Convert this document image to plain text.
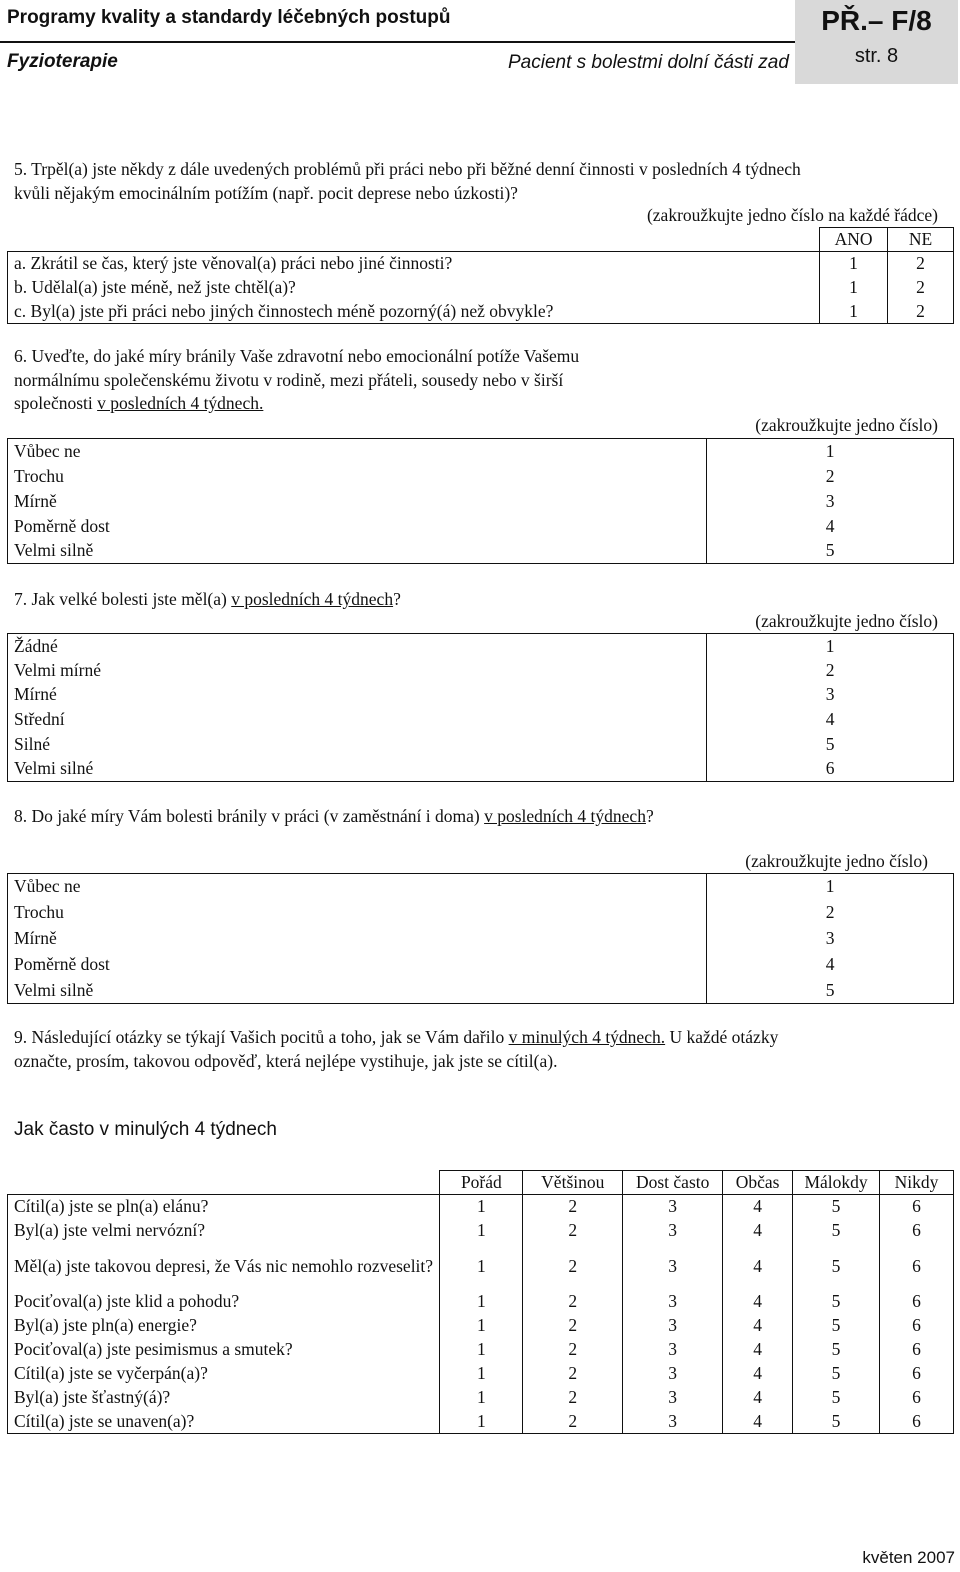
Programy kvality a standardy léčebných postupů
Fyzioterapie	Pacient s bolestmi dolní části zad
PŘ.– F/8
str. 8
5. Trpěl(a) jste někdy z dále uvedených problémů při práci nebo při běžné denní činnosti v posledních 4 týdnech
kvůli nějakým emocinálním potížím (např. pocit deprese nebo úzkosti)?
(zakroužkujte jedno číslo na každé řádce)
	ANO	NE
a. Zkrátil se čas, který jste věnoval(a) práci nebo jiné činnosti?	1	2
b. Udělal(a) jste méně, než jste chtěl(a)?	1	2
c. Byl(a) jste při práci nebo jiných činnostech méně pozorný(á) než obvykle?	1	2
6. Uveďte, do jaké míry bránily Vaše zdravotní nebo emocionální potíže Vašemu
normálnímu společenskému životu v rodině, mezi přáteli, sousedy nebo v širší
společnosti v posledních 4 týdnech.
(zakroužkujte jedno číslo)
Vůbec ne	1
Trochu	2
Mírně	3
Poměrně dost	4
Velmi silně	5
7. Jak velké bolesti jste měl(a) v posledních 4 týdnech?
(zakroužkujte jedno číslo)
Žádné	1
Velmi mírné	2
Mírné	3
Střední	4
Silné	5
Velmi silné	6
8. Do jaké míry Vám bolesti bránily v práci (v zaměstnání i doma) v posledních 4 týdnech?
(zakroužkujte jedno číslo)
Vůbec ne	1
Trochu	2
Mírně	3
Poměrně dost	4
Velmi silně	5
9. Následující otázky se týkají Vašich pocitů a toho, jak se Vám dařilo v minulých 4 týdnech. U každé otázky
označte, prosím, takovou odpověď, která nejlépe vystihuje, jak jste se cítil(a).
Jak často v minulých 4 týdnech
	Pořád	Většinou	Dost často	Občas	Málokdy	Nikdy
Cítil(a) jste se pln(a) elánu?	1	2	3	4	5	6
Byl(a) jste velmi nervózní?	1	2	3	4	5	6
Měl(a) jste takovou depresi, že Vás nic nemohlo rozveselit?	1	2	3	4	5	6
Pociťoval(a) jste klid a pohodu?	1	2	3	4	5	6
Byl(a) jste pln(a) energie?	1	2	3	4	5	6
Pociťoval(a) jste pesimismus a smutek?	1	2	3	4	5	6
Cítil(a) jste se vyčerpán(a)?	1	2	3	4	5	6
Byl(a) jste šťastný(á)?	1	2	3	4	5	6
Cítil(a) jste se unaven(a)?	1	2	3	4	5	6
květen 2007
